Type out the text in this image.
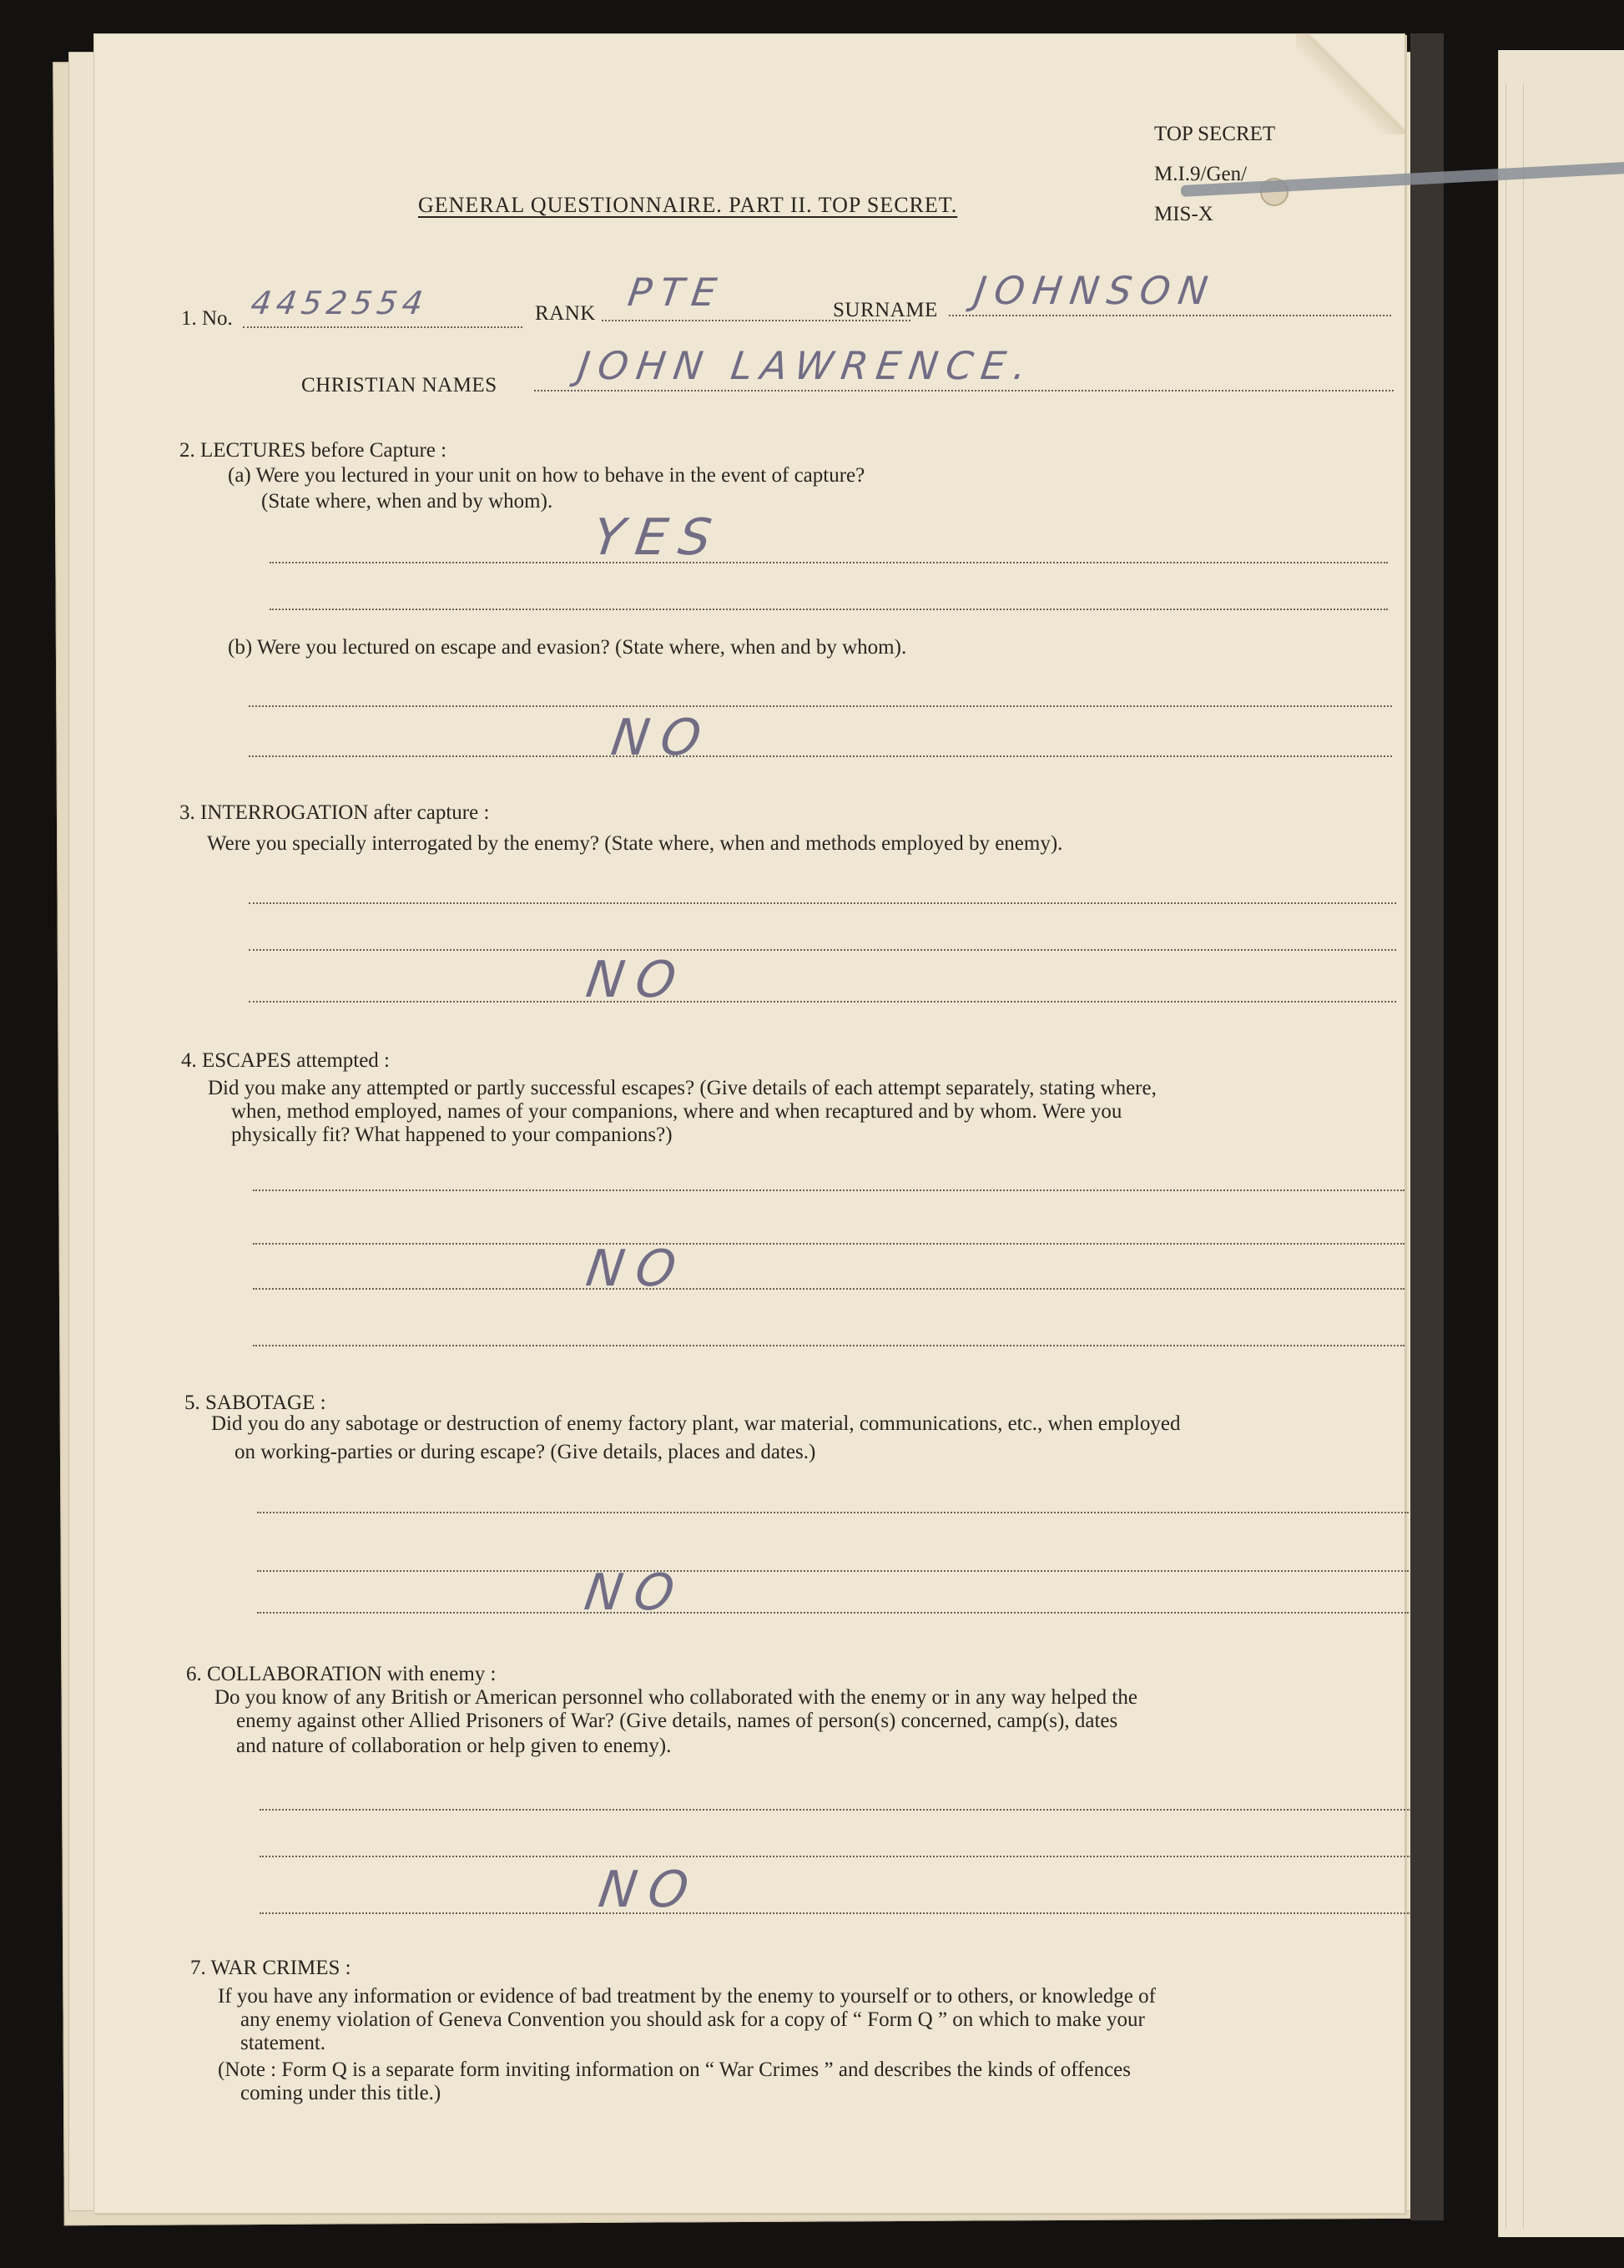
TOP SECRET
M.I.9/Gen/
MIS-X
GENERAL QUESTIONNAIRE. PART II. TOP SECRET.
1. No. 4452554	RANK PTE	SURNAME JOHNSON
CHRISTIAN NAMES JOHN LAWRENCE.
2. LECTURES before Capture :
(a) Were you lectured in your unit on how to behave in the event of capture?
(State where, when and by whom).
YES
(b) Were you lectured on escape and evasion? (State where, when and by whom).
NO
3. INTERROGATION after capture :
Were you specially interrogated by the enemy? (State where, when and methods employed by enemy).
NO
4. ESCAPES attempted :
Did you make any attempted or partly successful escapes? (Give details of each attempt separately, stating where,
when, method employed, names of your companions, where and when recaptured and by whom. Were you
physically fit? What happened to your companions?)
NO
5. SABOTAGE :
Did you do any sabotage or destruction of enemy factory plant, war material, communications, etc., when employed
on working-parties or during escape? (Give details, places and dates.)
NO
6. COLLABORATION with enemy :
Do you know of any British or American personnel who collaborated with the enemy or in any way helped the
enemy against other Allied Prisoners of War? (Give details, names of person(s) concerned, camp(s), dates
and nature of collaboration or help given to enemy).
NO
7. WAR CRIMES :
If you have any information or evidence of bad treatment by the enemy to yourself or to others, or knowledge of
any enemy violation of Geneva Convention you should ask for a copy of “ Form Q ” on which to make your
statement.
(Note : Form Q is a separate form inviting information on “ War Crimes ” and describes the kinds of offences
coming under this title.)
